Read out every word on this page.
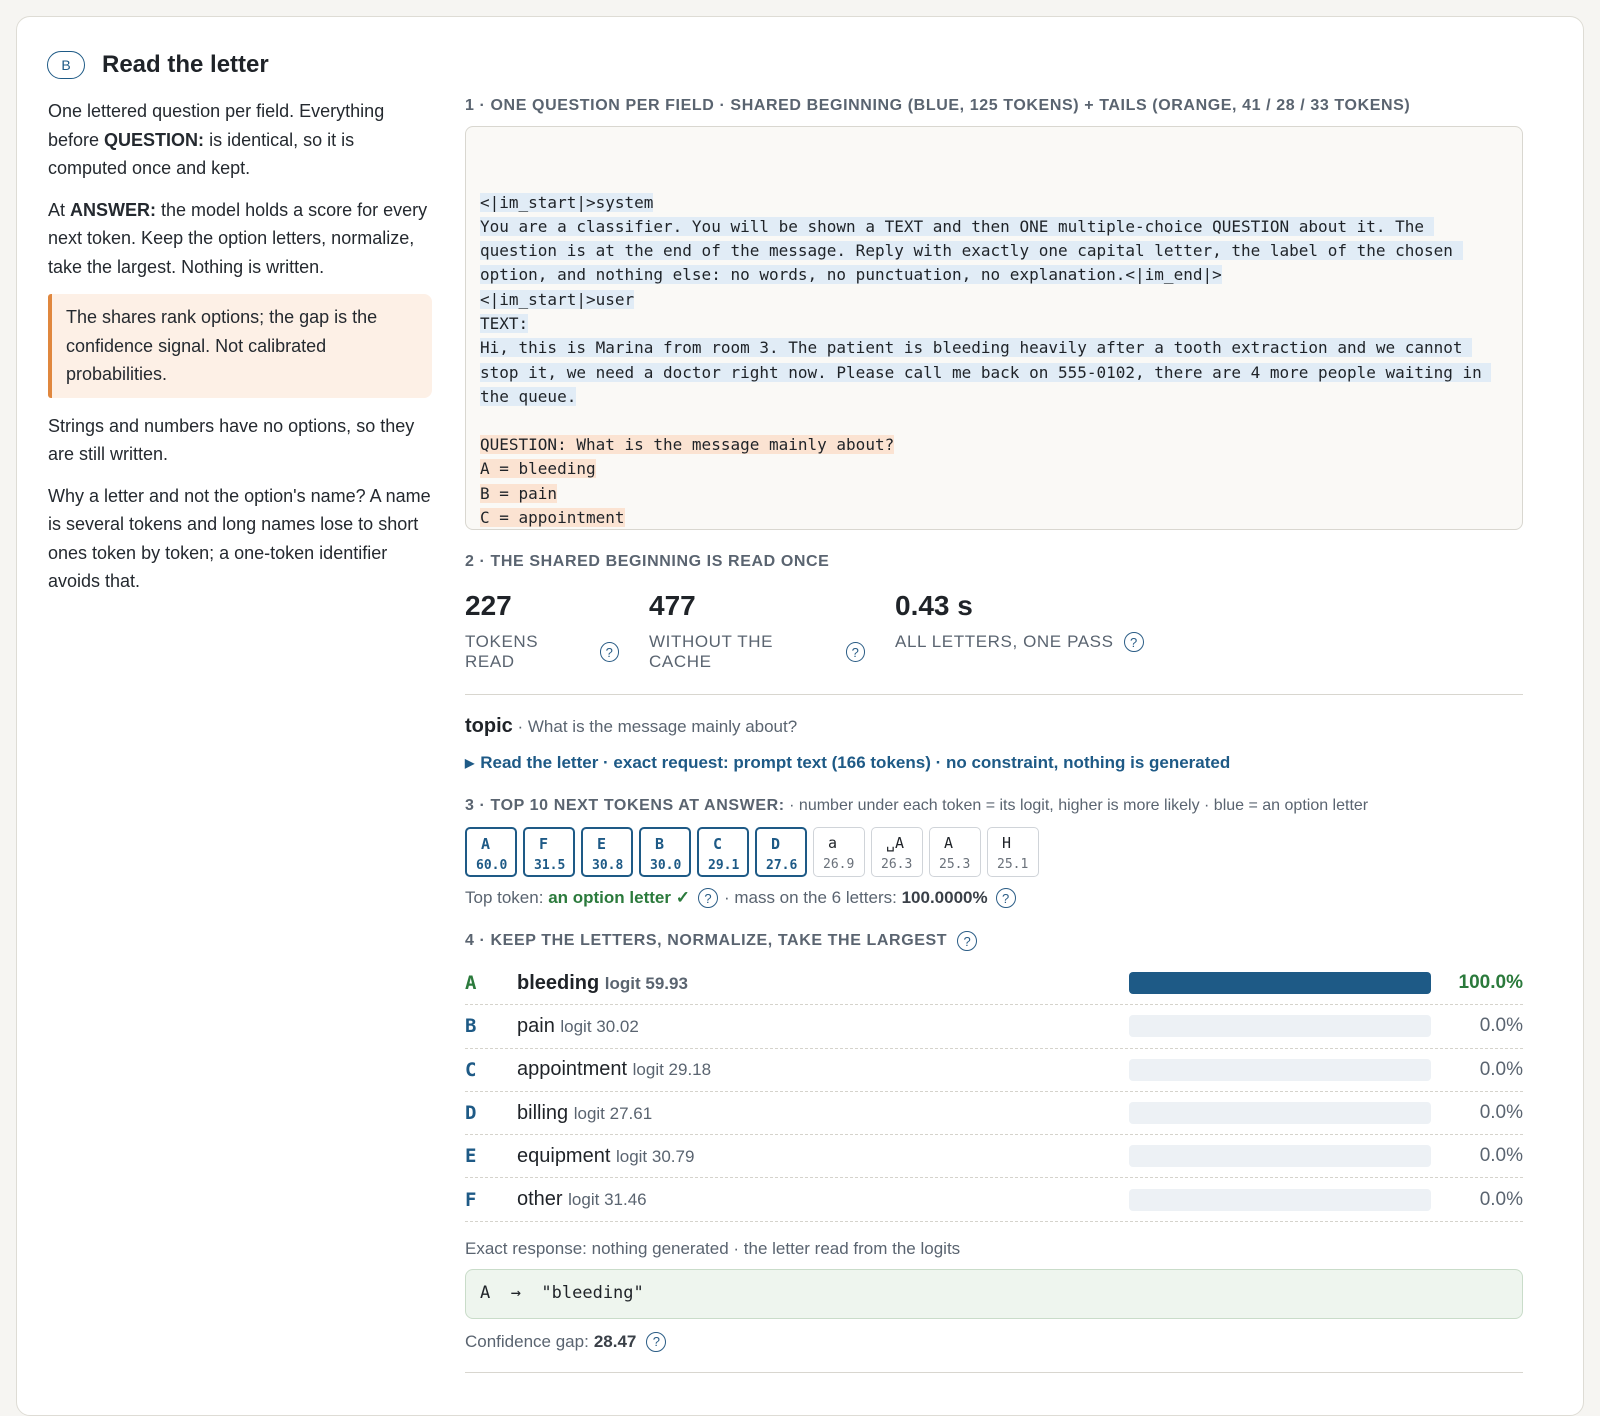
B	Read the letter

One lettered question per field. Everything before QUESTION: is identical, so it is computed once and kept.

At ANSWER: the model holds a score for every next token. Keep the option letters, normalize, take the largest. Nothing is written.

The shares rank options; the gap is the confidence signal. Not calibrated probabilities.

Strings and numbers have no options, so they are still written.

Why a letter and not the option's name? A name is several tokens and long names lose to short ones token by token; a one-token identifier avoids that.

1 · ONE QUESTION PER FIELD · SHARED BEGINNING (BLUE, 125 TOKENS) + TAILS (ORANGE, 41 / 28 / 33 TOKENS)

<|im_start|>system
You are a classifier. You will be shown a TEXT and then ONE multiple-choice QUESTION about it. The
question is at the end of the message. Reply with exactly one capital letter, the label of the chosen
option, and nothing else: no words, no punctuation, no explanation.<|im_end|>
<|im_start|>user
TEXT:
Hi, this is Marina from room 3. The patient is bleeding heavily after a tooth extraction and we cannot
stop it, we need a doctor right now. Please call me back on 555-0102, there are 4 more people waiting in
the queue.

QUESTION: What is the message mainly about?
A = bleeding
B = pain
C = appointment

2 · THE SHARED BEGINNING IS READ ONCE
227
TOKENS READ	?
477
WITHOUT THE CACHE	?
0.43 s
ALL LETTERS, ONE PASS	?
topic · What is the message mainly about?
▶ Read the letter · exact request: prompt text (166 tokens) · no constraint, nothing is generated
3 · TOP 10 NEXT TOKENS AT ANSWER: · number under each token = its logit, higher is more likely · blue = an option letter
A
60.0
F
31.5
E
30.8
B
30.0
C
29.1
D
27.6
a
26.9
␣A
26.3
A
25.3
H
25.1
Top token:
an option letter ✓	? · mass on the 6 letters:
100.0000%	?
4 · KEEP THE LETTERS, NORMALIZE, TAKE THE LARGEST	?
A	bleeding logit 59.93	100.0%
B	pain logit 30.02	0.0%
C	appointment logit 29.18	0.0%
D	billing logit 27.61	0.0%
E	equipment logit 30.79	0.0%
F	other logit 31.46	0.0%
Exact response: nothing generated · the letter read from the logits
A  →  "bleeding"
Confidence gap: 28.47	?
